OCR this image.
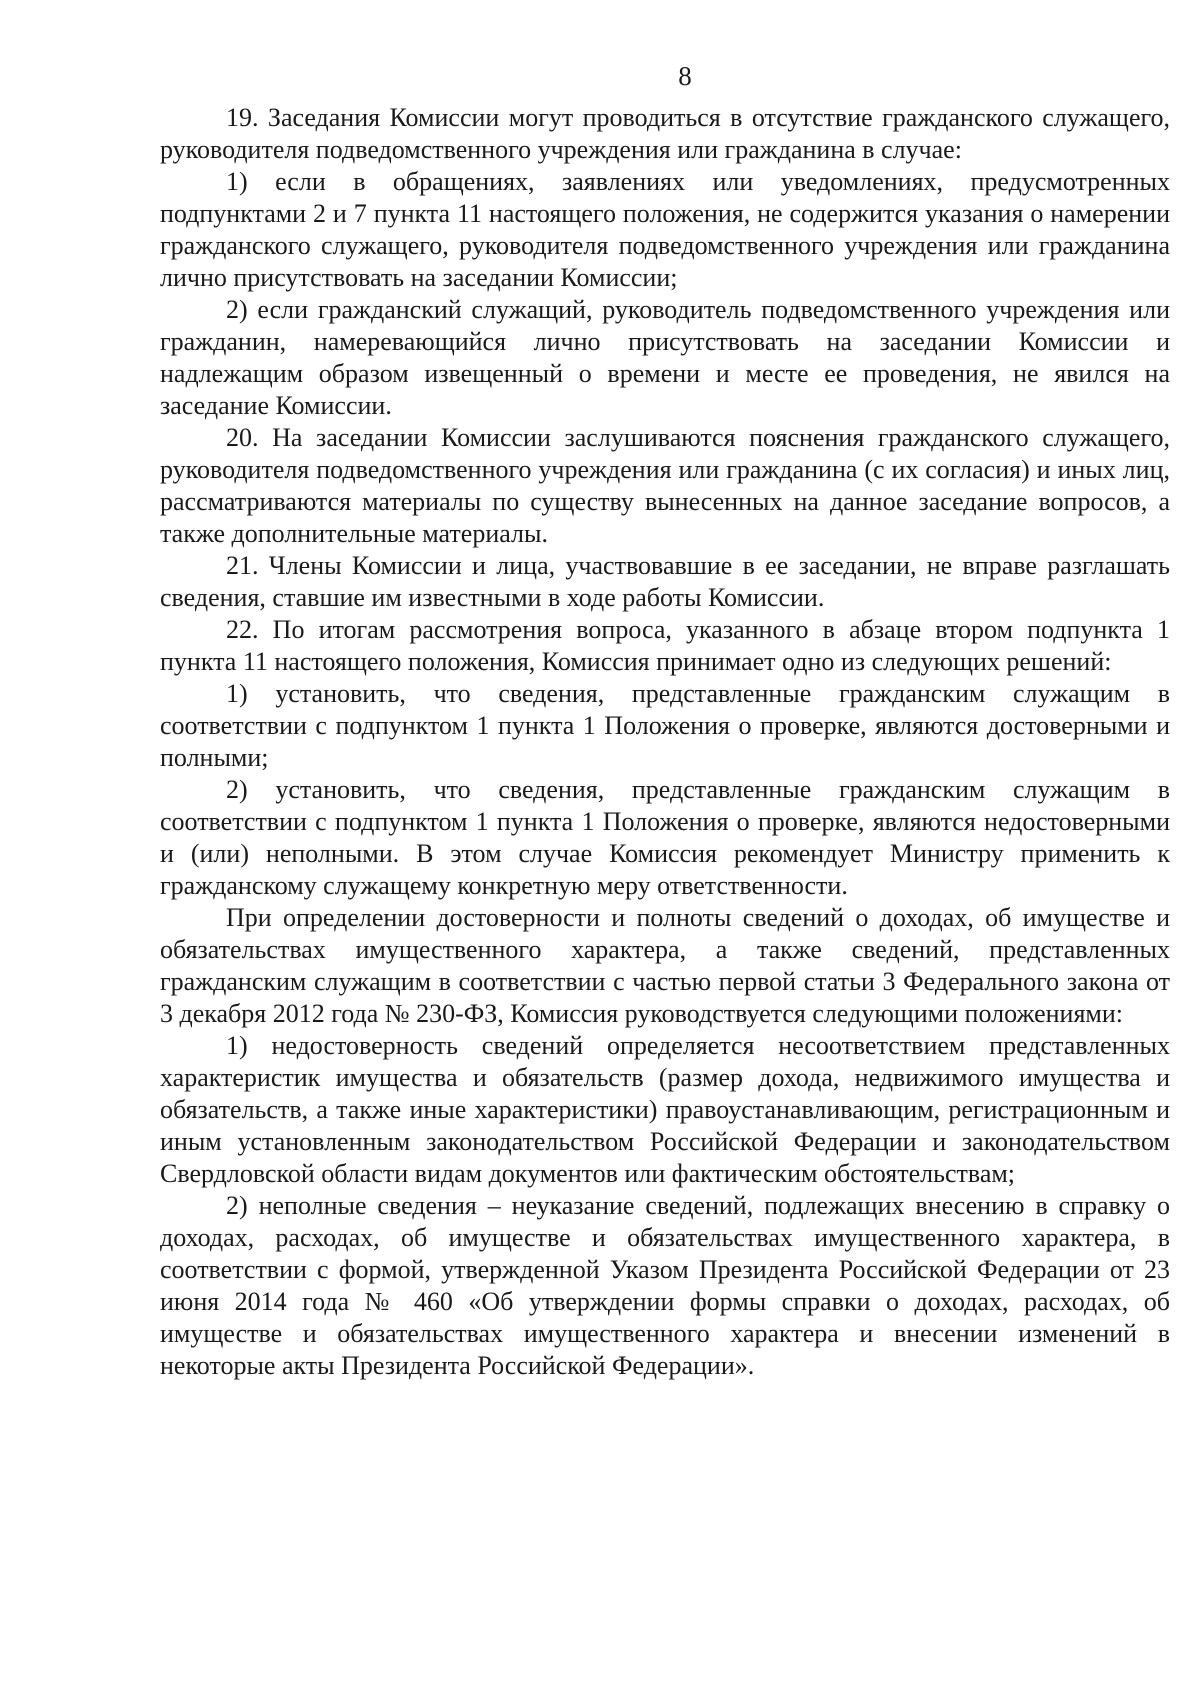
8

19. Заседания Комиссии могут проводиться в отсутствие гражданского служащего, руководителя подведомственного учреждения или гражданина в случае:

1) если в обращениях, заявлениях или уведомлениях, предусмотренных подпунктами 2 и 7 пункта 11 настоящего положения, не содержится указания о намерении гражданского служащего, руководителя подведомственного учреждения или гражданина лично присутствовать на заседании Комиссии;

2) если гражданский служащий, руководитель подведомственного учреждения или гражданин, намеревающийся лично присутствовать на заседании Комиссии и надлежащим образом извещенный о времени и месте ее проведения, не явился на заседание Комиссии.

20. На заседании Комиссии заслушиваются пояснения гражданского служащего, руководителя подведомственного учреждения или гражданина (с их согласия) и иных лиц, рассматриваются материалы по существу вынесенных на данное заседание вопросов, а также дополнительные материалы.

21. Члены Комиссии и лица, участвовавшие в ее заседании, не вправе разглашать сведения, ставшие им известными в ходе работы Комиссии.

22. По итогам рассмотрения вопроса, указанного в абзаце втором подпункта 1 пункта 11 настоящего положения, Комиссия принимает одно из следующих решений:

1) установить, что сведения, представленные гражданским служащим в соответствии с подпунктом 1 пункта 1 Положения о проверке, являются достоверными и полными;

2) установить, что сведения, представленные гражданским служащим в соответствии с подпунктом 1 пункта 1 Положения о проверке, являются недостоверными и (или) неполными. В этом случае Комиссия рекомендует Министру применить к гражданскому служащему конкретную меру ответственности.

При определении достоверности и полноты сведений о доходах, об имуществе и обязательствах имущественного характера, а также сведений, представленных гражданским служащим в соответствии с частью первой статьи 3 Федерального закона от 3 декабря 2012 года № 230-ФЗ, Комиссия руководствуется следующими положениями:

1) недостоверность сведений определяется несоответствием представленных характеристик имущества и обязательств (размер дохода, недвижимого имущества и обязательств, а также иные характеристики) правоустанавливающим, регистрационным и иным установленным законодательством Российской Федерации и законодательством Свердловской области видам документов или фактическим обстоятельствам;

2) неполные сведения – неуказание сведений, подлежащих внесению в справку о доходах, расходах, об имуществе и обязательствах имущественного характера, в соответствии с формой, утвержденной Указом Президента Российской Федерации от 23 июня 2014 года № 460 «Об утверждении формы справки о доходах, расходах, об имуществе и обязательствах имущественного характера и внесении изменений в некоторые акты Президента Российской Федерации».
